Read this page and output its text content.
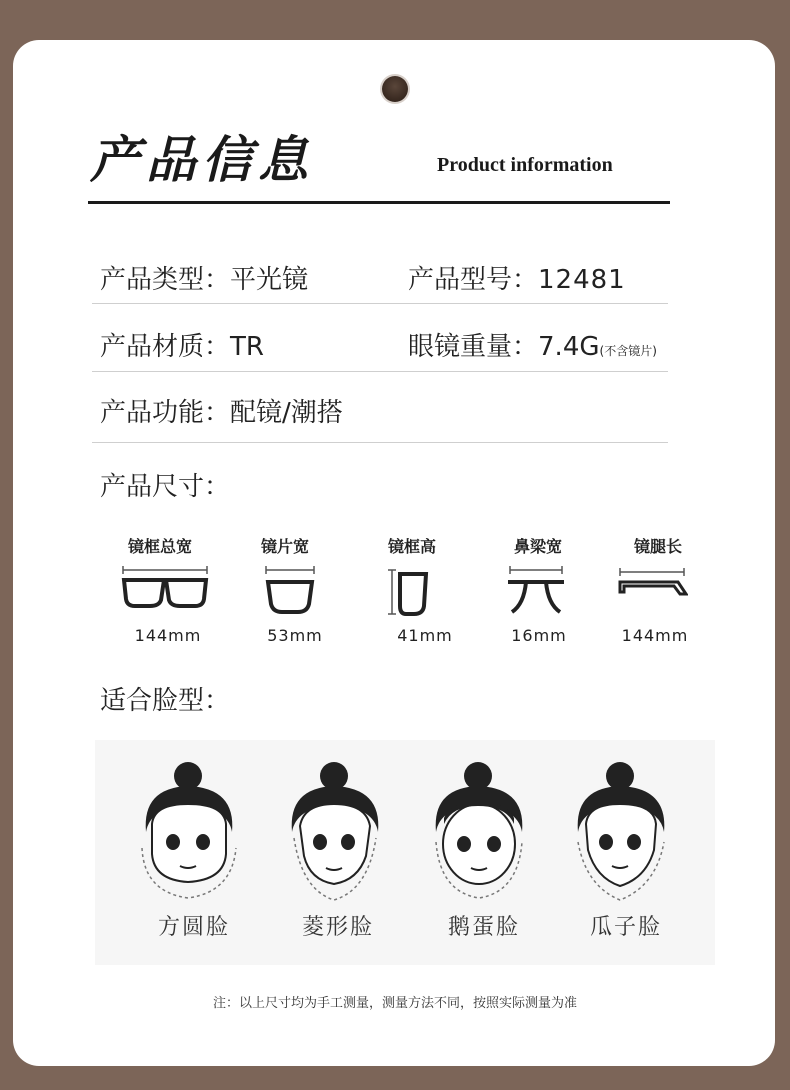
产品信息	Product information
产品类型：平光镜	产品型号：12481
产品材质：TR	眼镜重量：7.4G(不含镜片)
产品功能：配镜/潮搭
产品尺寸：
镜框总宽	镜片宽	镜框高	鼻梁宽	镜腿长
144mm	53mm	41mm	16mm	144mm
适合脸型：
方圆脸	菱形脸	鹅蛋脸	瓜子脸
注：以上尺寸均为手工测量，测量方法不同，按照实际测量为准
